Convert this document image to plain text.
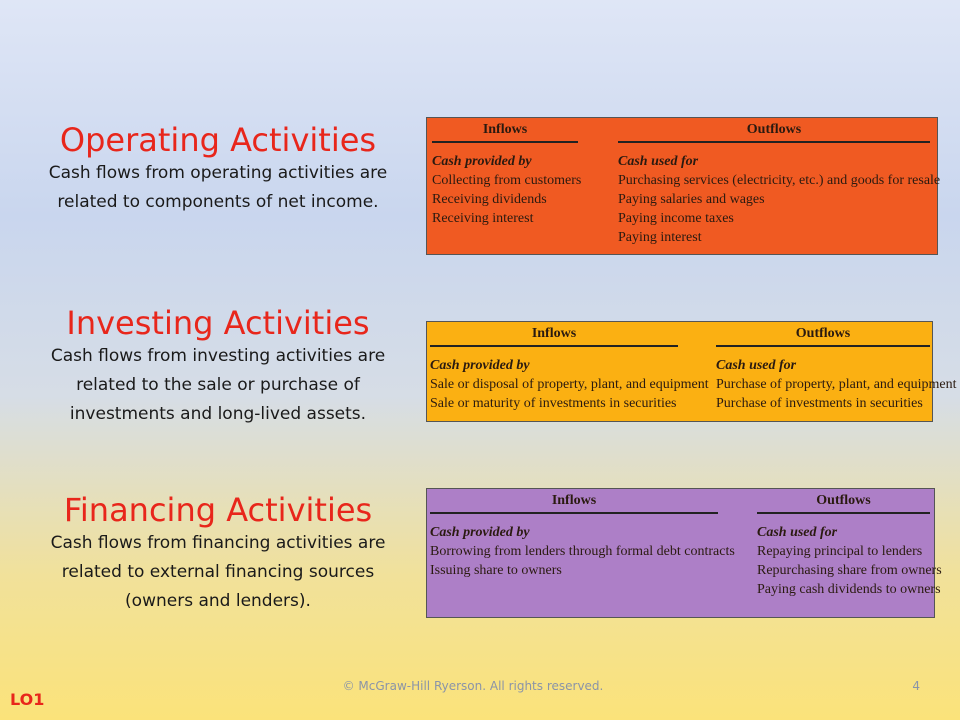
Operating Activities

Cash flows from operating activities are related to components of net income.

Inflows
Cash provided by
Collecting from customers
Receiving dividends
Receiving interest
Outflows
Cash used for
Purchasing services (electricity, etc.) and goods for resale
Paying salaries and wages
Paying income taxes
Paying interest
Investing Activities

Cash flows from investing activities are related to the sale or purchase of investments and long-lived assets.

Inflows
Cash provided by
Sale or disposal of property, plant, and equipment
Sale or maturity of investments in securities
Outflows
Cash used for
Purchase of property, plant, and equipment
Purchase of investments in securities
Financing Activities

Cash flows from financing activities are related to external financing sources (owners and lenders).

Inflows
Cash provided by
Borrowing from lenders through formal debt contracts
Issuing share to owners
Outflows
Cash used for
Repaying principal to lenders
Repurchasing share from owners
Paying cash dividends to owners
© McGraw-Hill Ryerson. All rights reserved.	4
LO1
